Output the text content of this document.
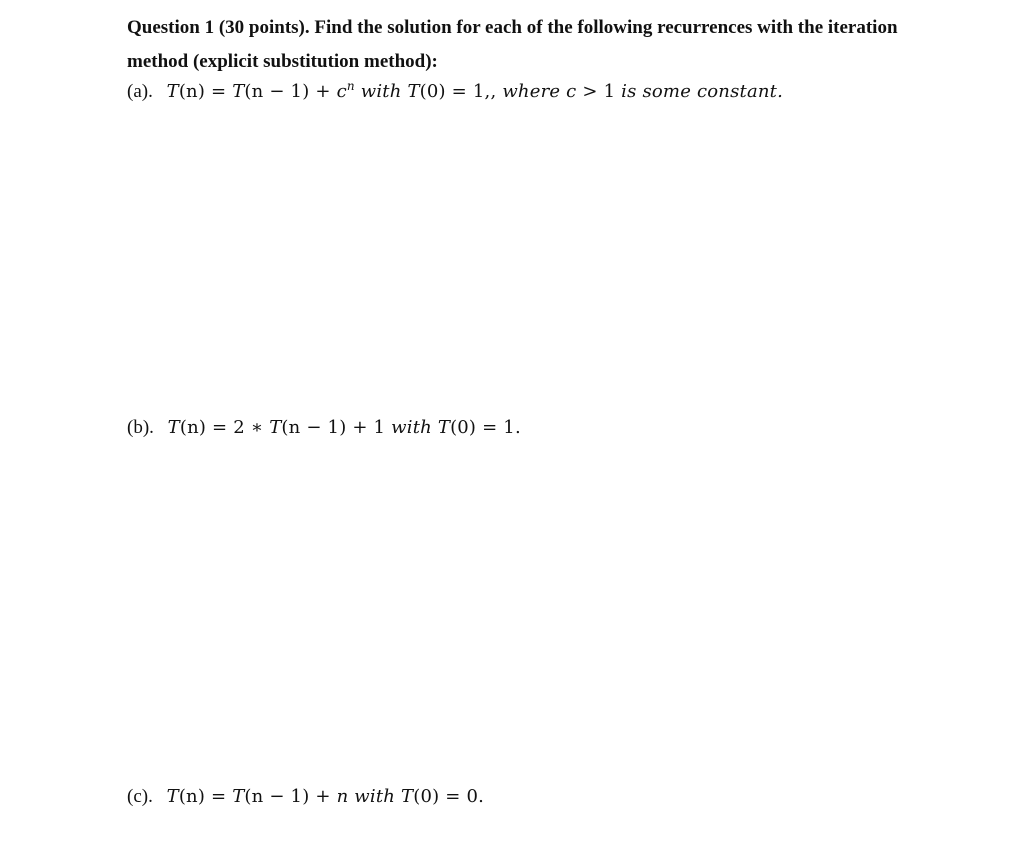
Question 1 (30 points). Find the solution for each of the following recurrences with the iteration
method (explicit substitution method):
(a). $T(n) = T(n - 1) + c^n$ with T(0) = 1,, where c > 1 is some constant.
(b). T(n) = 2 ∗ T(n − 1) + 1 with T(0) = 1.
(c). T(n) = T(n − 1) + n with T(0) = 0.
